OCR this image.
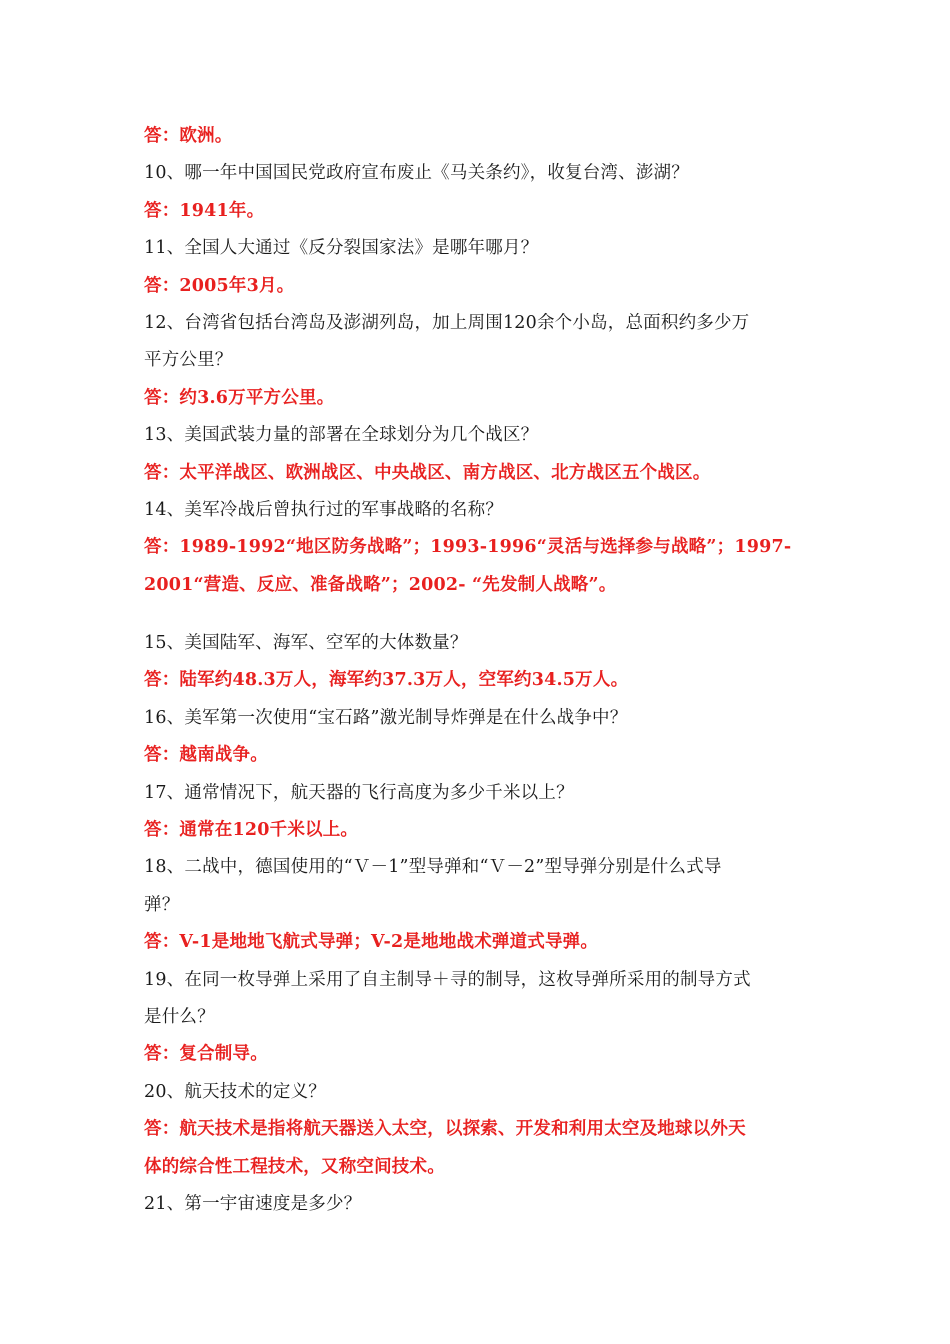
答：欧洲。
10、哪一年中国国民党政府宣布废止《马关条约》，收复台湾、澎湖？
答：1941年。
11、全国人大通过《反分裂国家法》是哪年哪月？
答：2005年3月。
12、台湾省包括台湾岛及澎湖列岛，加上周围120余个小岛，总面积约多少万
平方公里？
答：约3.6万平方公里。
13、美国武装力量的部署在全球划分为几个战区？
答：太平洋战区、欧洲战区、中央战区、南方战区、北方战区五个战区。
14、美军冷战后曾执行过的军事战略的名称？
答：1989-1992“地区防务战略”；1993-1996“灵活与选择参与战略”；1997-
2001“营造、反应、准备战略”；2002- “先发制人战略”。
15、美国陆军、海军、空军的大体数量？
答：陆军约48.3万人，海军约37.3万人，空军约34.5万人。
16、美军第一次使用“宝石路”激光制导炸弹是在什么战争中？
答：越南战争。
17、通常情况下，航天器的飞行高度为多少千米以上？
答：通常在120千米以上。
18、二战中，德国使用的“Ｖ－1”型导弹和“Ｖ－2”型导弹分别是什么式导
弹？
答：V-1是地地飞航式导弹；V-2是地地战术弹道式导弹。
19、在同一枚导弹上采用了自主制导＋寻的制导，这枚导弹所采用的制导方式
是什么？
答：复合制导。
20、航天技术的定义？
答：航天技术是指将航天器送入太空，以探索、开发和利用太空及地球以外天
体的综合性工程技术，又称空间技术。
21、第一宇宙速度是多少？
